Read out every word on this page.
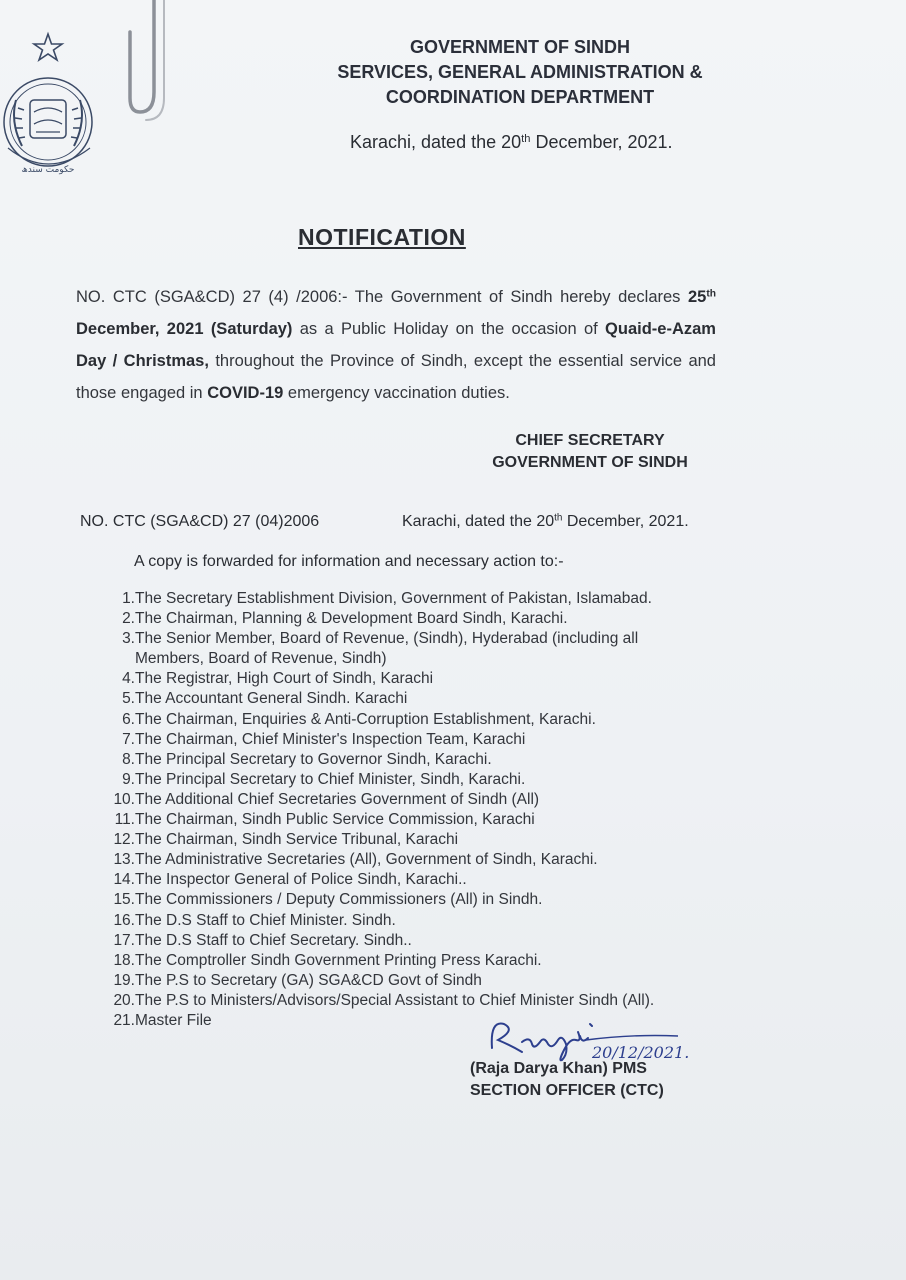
حکومت سندھ
GOVERNMENT OF SINDH
SERVICES, GENERAL ADMINISTRATION &
COORDINATION DEPARTMENT
Karachi, dated the 20th December, 2021.
NOTIFICATION
NO. CTC (SGA&CD) 27 (4) /2006:- The Government of Sindh hereby declares 25th December, 2021 (Saturday) as a Public Holiday on the occasion of Quaid-e-Azam Day / Christmas, throughout the Province of Sindh, except the essential service and those engaged in COVID-19 emergency vaccination duties.
CHIEF SECRETARY
GOVERNMENT OF SINDH
NO. CTC (SGA&CD) 27 (04)2006	Karachi, dated the 20th December, 2021.
A copy is forwarded for information and necessary action to:-
1. The Secretary Establishment Division, Government of Pakistan, Islamabad.
2. The Chairman, Planning & Development Board Sindh, Karachi.
3. The Senior Member, Board of Revenue, (Sindh), Hyderabad (including all Members, Board of Revenue, Sindh)
4. The Registrar, High Court of Sindh, Karachi
5. The Accountant General Sindh. Karachi
6. The Chairman, Enquiries & Anti-Corruption Establishment, Karachi.
7. The Chairman, Chief Minister's Inspection Team, Karachi
8. The Principal Secretary to Governor Sindh, Karachi.
9. The Principal Secretary to Chief Minister, Sindh, Karachi.
10. The Additional Chief Secretaries Government of Sindh (All)
11. The Chairman, Sindh Public Service Commission, Karachi
12. The Chairman, Sindh Service Tribunal, Karachi
13. The Administrative Secretaries (All), Government of Sindh, Karachi.
14. The Inspector General of Police Sindh, Karachi..
15. The Commissioners / Deputy Commissioners (All) in Sindh.
16. The D.S Staff to Chief Minister. Sindh.
17. The D.S Staff to Chief Secretary. Sindh..
18. The Comptroller Sindh Government Printing Press Karachi.
19. The P.S to Secretary (GA) SGA&CD Govt of Sindh
20. The P.S to Ministers/Advisors/Special Assistant to Chief Minister Sindh (All).
21. Master File
20/12/2021.
(Raja Darya Khan) PMS
SECTION OFFICER (CTC)
